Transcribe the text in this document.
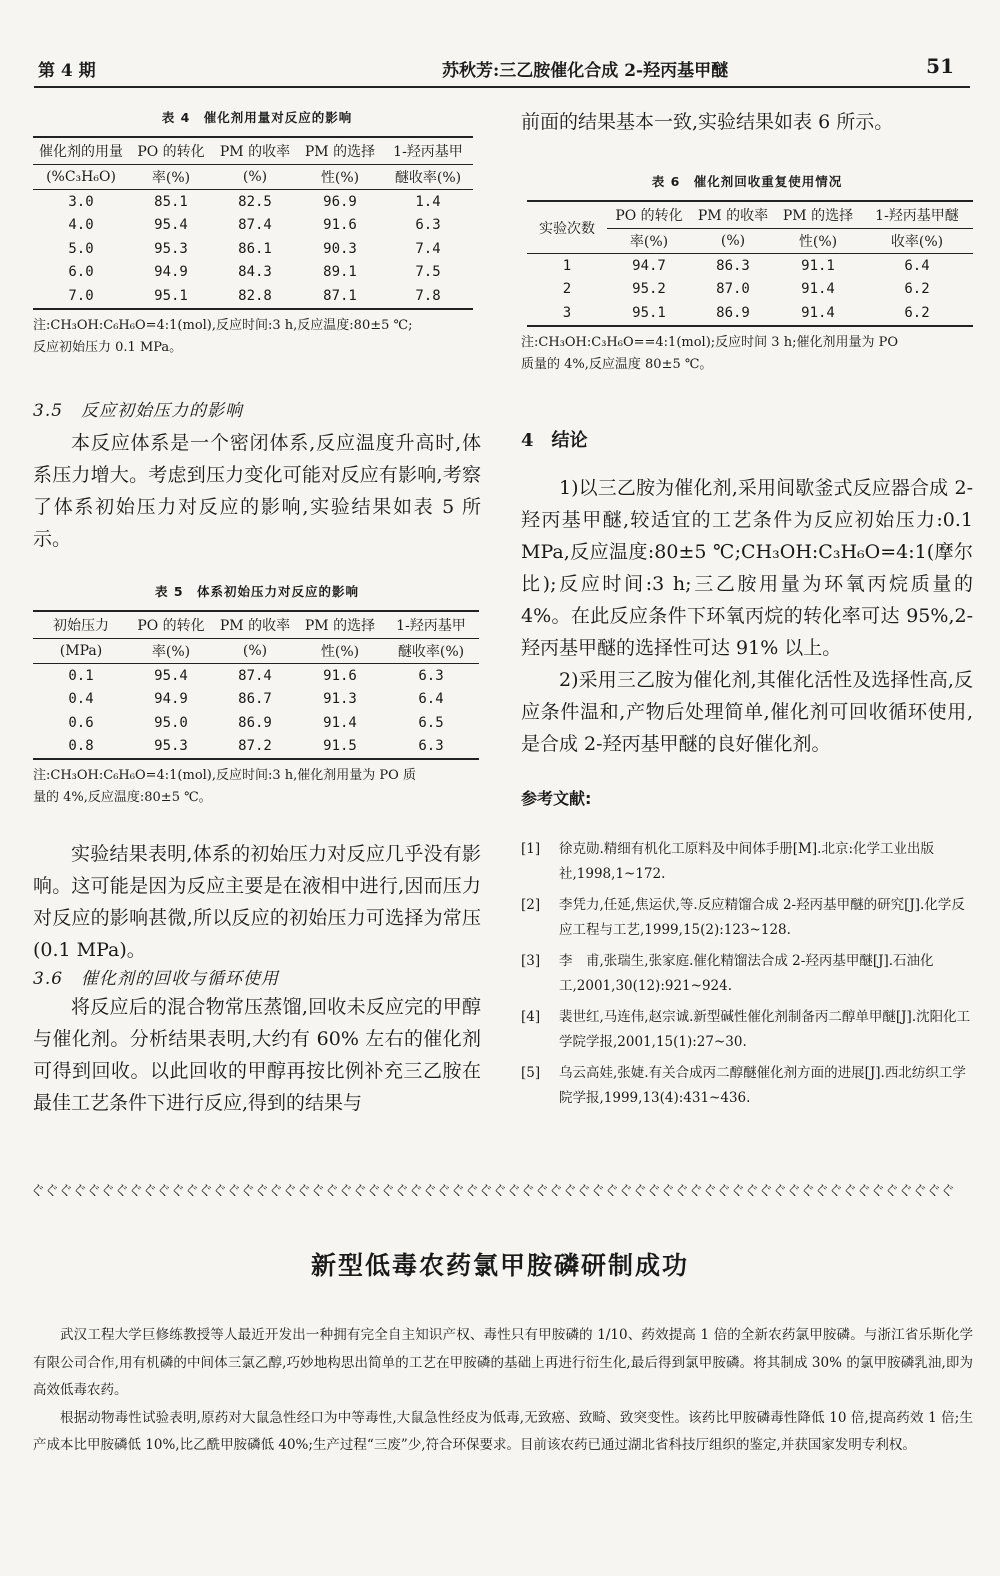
第 4 期	苏秋芳:三乙胺催化合成 2-羟丙基甲醚	51
表 4　催化剂用量对反应的影响
催化剂的用量	PO 的转化	PM 的收率	PM 的选择	1-羟丙基甲
(%C₃H₆O)	率(%)	(%)	性(%)	醚收率(%)
3.0	85.1	82.5	96.9	1.4
4.0	95.4	87.4	91.6	6.3
5.0	95.3	86.1	90.3	7.4
6.0	94.9	84.3	89.1	7.5
7.0	95.1	82.8	87.1	7.8
注:CH₃OH:C₆H₆O=4:1(mol),反应时间:3 h,反应温度:80±5 ℃;
反应初始压力 0.1 MPa。
3.5　反应初始压力的影响

本反应体系是一个密闭体系,反应温度升高时,体系压力增大。考虑到压力变化可能对反应有影响,考察了体系初始压力对反应的影响,实验结果如表 5 所示。

表 5　体系初始压力对反应的影响
初始压力	PO 的转化	PM 的收率	PM 的选择	1-羟丙基甲
(MPa)	率(%)	(%)	性(%)	醚收率(%)
0.1	95.4	87.4	91.6	6.3
0.4	94.9	86.7	91.3	6.4
0.6	95.0	86.9	91.4	6.5
0.8	95.3	87.2	91.5	6.3
注:CH₃OH:C₆H₆O=4:1(mol),反应时间:3 h,催化剂用量为 PO 质
量的 4%,反应温度:80±5 ℃。

实验结果表明,体系的初始压力对反应几乎没有影响。这可能是因为反应主要是在液相中进行,因而压力对反应的影响甚微,所以反应的初始压力可选择为常压(0.1 MPa)。

3.6　催化剂的回收与循环使用

将反应后的混合物常压蒸馏,回收未反应完的甲醇与催化剂。分析结果表明,大约有 60% 左右的催化剂可得到回收。以此回收的甲醇再按比例补充三乙胺在最佳工艺条件下进行反应,得到的结果与

前面的结果基本一致,实验结果如表 6 所示。

表 6　催化剂回收重复使用情况
实验次数	PO 的转化	PM 的收率	PM 的选择	1-羟丙基甲醚
	率(%)	(%)	性(%)	收率(%)
1	94.7	86.3	91.1	6.4
2	95.2	87.0	91.4	6.2
3	95.1	86.9	91.4	6.2
注:CH₃OH:C₃H₆O==4:1(mol);反应时间 3 h;催化剂用量为 PO
质量的 4%,反应温度 80±5 ℃。
4　结论

1)以三乙胺为催化剂,采用间歇釜式反应器合成 2-羟丙基甲醚,较适宜的工艺条件为反应初始压力:0.1 MPa,反应温度:80±5 ℃;CH₃OH:C₃H₆O=4:1(摩尔比);反应时间:3 h;三乙胺用量为环氧丙烷质量的 4%。在此反应条件下环氧丙烷的转化率可达 95%,2-羟丙基甲醚的选择性可达 91% 以上。

2)采用三乙胺为催化剂,其催化活性及选择性高,反应条件温和,产物后处理简单,催化剂可回收循环使用,是合成 2-羟丙基甲醚的良好催化剂。

参考文献:
[1] 徐克勋.精细有机化工原料及中间体手册[M].北京:化学工业出版社,1998,1~172.
[2] 李凭力,任延,焦运伏,等.反应精馏合成 2-羟丙基甲醚的研究[J].化学反应工程与工艺,1999,15(2):123~128.
[3] 李　甫,张瑞生,张家庭.催化精馏法合成 2-羟丙基甲醚[J].石油化工,2001,30(12):921~924.
[4] 裴世红,马连伟,赵宗诚.新型碱性催化剂制备丙二醇单甲醚[J].沈阳化工学院学报,2001,15(1):27~30.
[5] 乌云高娃,张婕.有关合成丙二醇醚催化剂方面的进展[J].西北纺织工学院学报,1999,13(4):431~436.
ぐぐぐぐぐぐぐぐぐぐぐぐぐぐぐぐぐぐぐぐぐぐぐぐぐぐぐぐぐぐぐぐぐぐぐぐぐぐぐぐぐぐぐぐぐぐぐぐぐぐぐぐぐぐぐぐぐぐぐぐぐぐぐぐぐぐ
新型低毒农药氯甲胺磷研制成功

武汉工程大学巨修练教授等人最近开发出一种拥有完全自主知识产权、毒性只有甲胺磷的 1/10、药效提高 1 倍的全新农药氯甲胺磷。与浙江省乐斯化学有限公司合作,用有机磷的中间体三氯乙醇,巧妙地构思出简单的工艺在甲胺磷的基础上再进行衍生化,最后得到氯甲胺磷。将其制成 30% 的氯甲胺磷乳油,即为高效低毒农药。

根据动物毒性试验表明,原药对大鼠急性经口为中等毒性,大鼠急性经皮为低毒,无致癌、致畸、致突变性。该药比甲胺磷毒性降低 10 倍,提高药效 1 倍;生产成本比甲胺磷低 10%,比乙酰甲胺磷低 40%;生产过程“三废”少,符合环保要求。目前该农药已通过湖北省科技厅组织的鉴定,并获国家发明专利权。
